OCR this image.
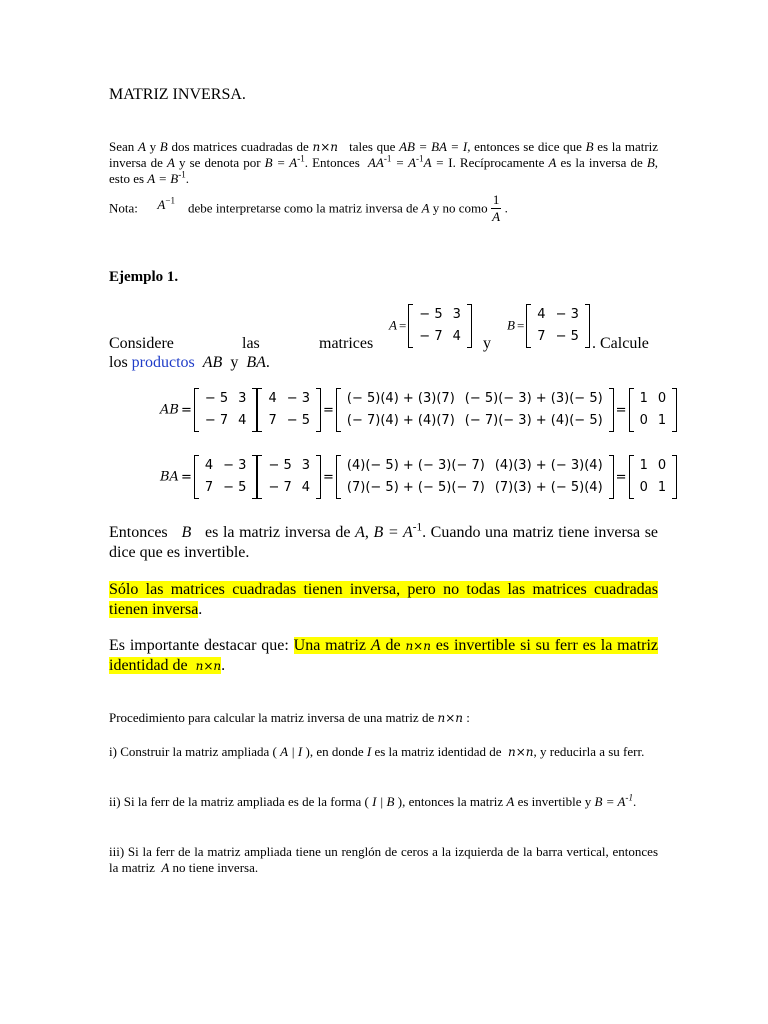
MATRIZ INVERSA.
Sean A y B dos matrices cuadradas de n×n tales que AB = BA = I, entonces se dice que B es la matriz inversa de A y se denota por $B = A^{-1}$. Entonces $AA^{-1} = A^{-1}A = I$. Recíprocamente A es la inversa de B, esto es $A = B^{-1}$.
Nota: $A^{-1}$    debe interpretarse como la matriz inversa de A y no como $\frac{1}{A}$ .
Ejemplo 1.
Considere	las	matrices
A =
− 5	3
− 7	4 y
B =
4	− 3
7	− 5 . Calcule
los productos AB y BA.
AB =
− 5	3
− 7	4
4	− 3
7	− 5
=
(− 5)(4) + (3)(7)	(− 5)(− 3) + (3)(− 5)
(− 7)(4) + (4)(7)	(− 7)(− 3) + (4)(− 5)
=
1	0
0	1
BA =
4	− 3
7	− 5
− 5	3
− 7	4
=
(4)(− 5) + (− 3)(− 7)	(4)(3) + (− 3)(4)
(7)(− 5) + (− 5)(− 7)	(7)(3) + (− 5)(4)
=
1	0
0	1
Entonces B es la matriz inversa de A, $B = A^{-1}$. Cuando una matriz tiene inversa se dice que es invertible.
Sólo las matrices cuadradas tienen inversa, pero no todas las matrices cuadradas tienen inversa.
Es importante destacar que: Una matriz A de n×n es invertible si su ferr es la matriz identidad de n×n.
Procedimiento para calcular la matriz inversa de una matriz de n×n :
i) Construir la matriz ampliada ( A | I ), en donde I es la matriz identidad de n×n, y reducirla a su ferr.
ii) Si la ferr de la matriz ampliada es de la forma ( I | B ), entonces la matriz A es invertible y $B = A^{-1}$.
iii) Si la ferr de la matriz ampliada tiene un renglón de ceros a la izquierda de la barra vertical, entonces la matriz A no tiene inversa.
